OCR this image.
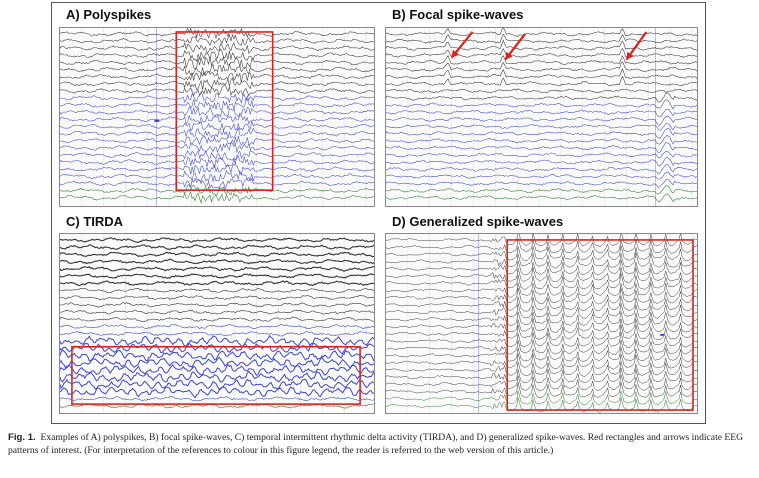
A) Polyspikes	B) Focal spike-waves
C) TIRDA	D) Generalized spike-waves
Fig. 1. Examples of A) polyspikes, B) focal spike-waves, C) temporal intermittent rhythmic delta activity (TIRDA), and D) generalized spike-waves. Red rectangles and arrows indicate EEG patterns of interest. (For interpretation of the references to colour in this figure legend, the reader is referred to the web version of this article.)
